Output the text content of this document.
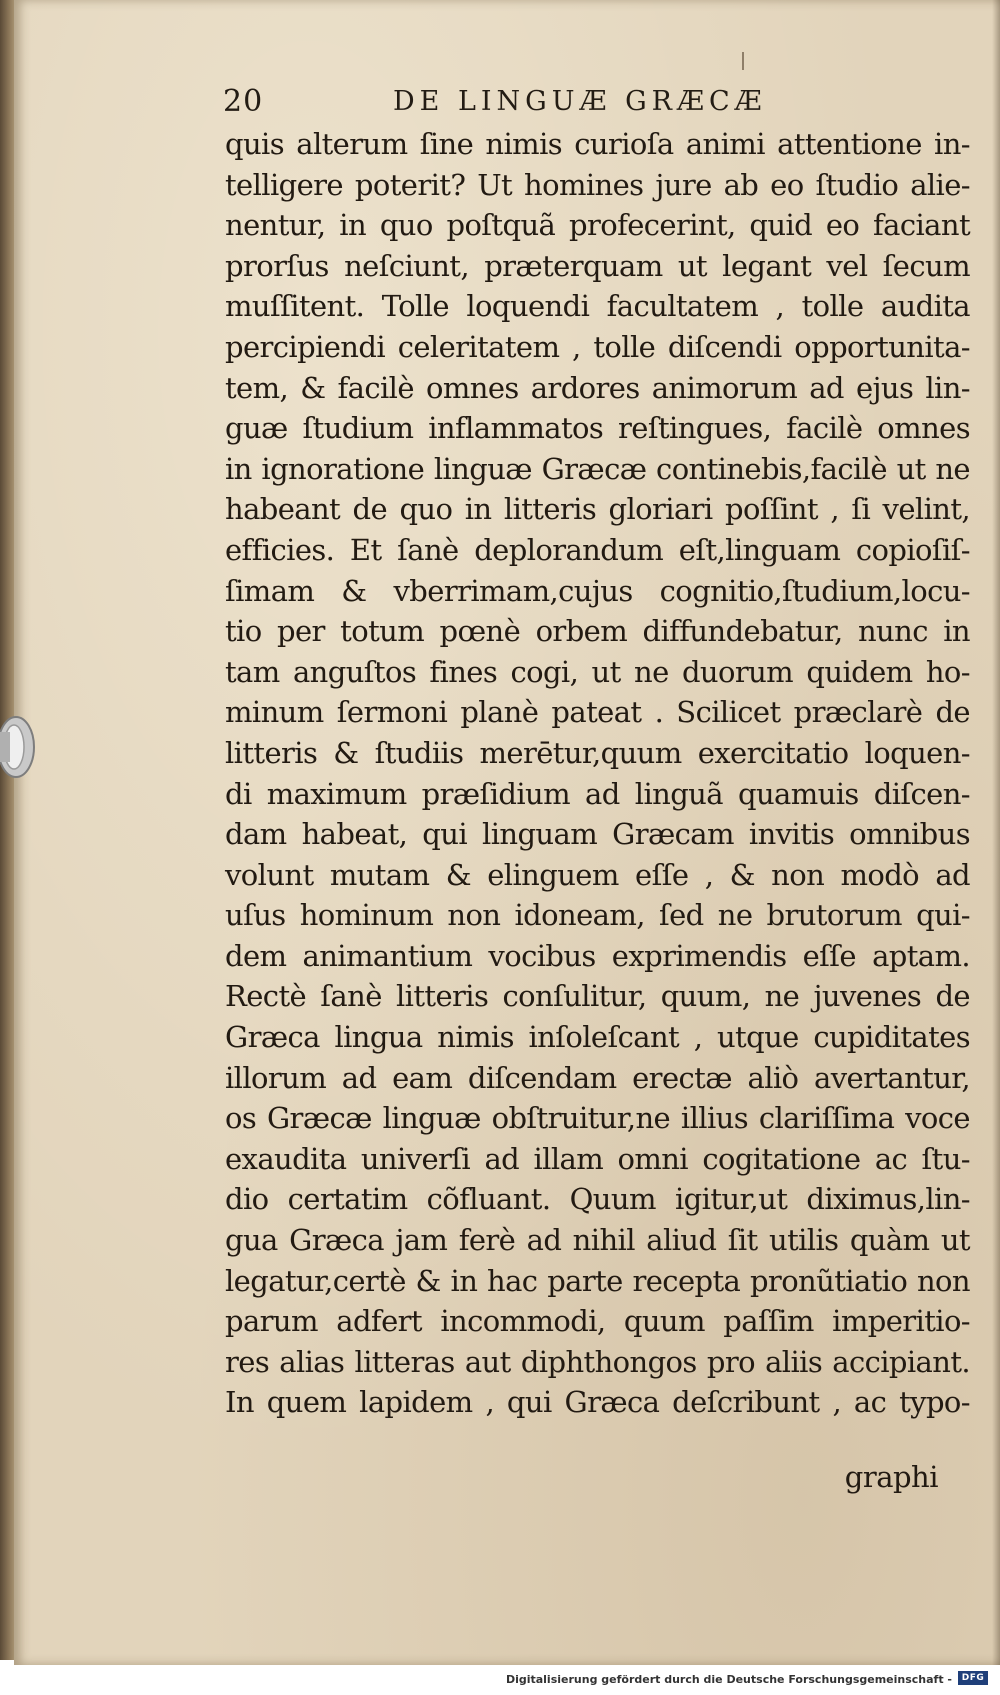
20	DE LINGUÆ GRÆCÆ
quis alterum ſine nimis curioſa animi attentione in-
telligere poterit? Ut homines jure ab eo ſtudio alie-
nentur, in quo poſtquã profecerint, quid eo faciant
prorſus neſciunt, præterquam ut legant vel ſecum
muſſitent. Tolle loquendi facultatem , tolle audita
percipiendi celeritatem , tolle diſcendi opportunita-
tem, & facilè omnes ardores animorum ad ejus lin-
guæ ſtudium inflammatos reſtingues, facilè omnes
in ignoratione linguæ Græcæ continebis,facilè ut ne
habeant de quo in litteris gloriari poſſint , ſi velint,
efficies. Et ſanè deplorandum eſt,linguam copioſiſ-
ſimam & vberrimam,cujus cognitio,ſtudium,locu-
tio per totum pœnè orbem diffundebatur, nunc in
tam anguſtos fines cogi, ut ne duorum quidem ho-
minum ſermoni planè pateat . Scilicet præclarè de
litteris & ſtudiis merētur,quum exercitatio loquen-
di maximum præſidium ad linguã quamuis diſcen-
dam habeat, qui linguam Græcam invitis omnibus
volunt mutam & elinguem eſſe , & non modò ad
uſus hominum non idoneam, ſed ne brutorum qui-
dem animantium vocibus exprimendis eſſe aptam.
Rectè ſanè litteris conſulitur, quum, ne juvenes de
Græca lingua nimis inſoleſcant , utque cupiditates
illorum ad eam diſcendam erectæ aliò avertantur,
os Græcæ linguæ obſtruitur,ne illius clariſſima voce
exaudita univerſi ad illam omni cogitatione ac ſtu-
dio certatim cõfluant. Quum igitur,ut diximus,lin-
gua Græca jam ferè ad nihil aliud ſit utilis quàm ut
legatur,certè & in hac parte recepta pronũtiatio non
parum adfert incommodi, quum paſſim imperitio-
res alias litteras aut diphthongos pro aliis accipiant.
In quem lapidem , qui Græca deſcribunt , ac typo-
graphi
Digitalisierung gefördert durch die Deutsche Forschungsgemeinschaft -	DFG
